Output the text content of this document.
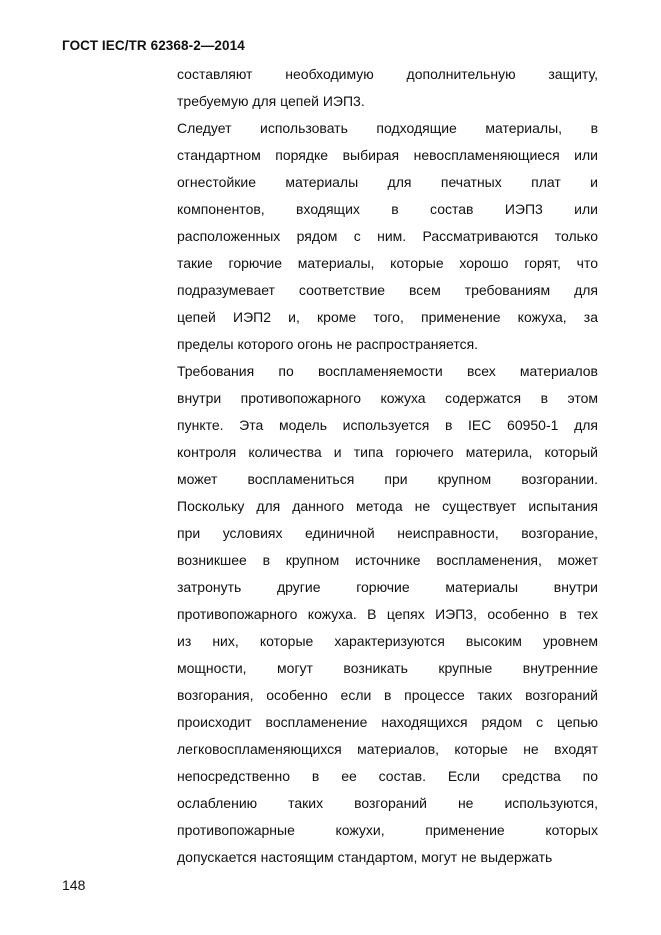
ГОСТ IEC/TR 62368-2—2014
составляют необходимую дополнительную защиту,
требуемую для цепей ИЭП3.
Следует использовать подходящие материалы, в
стандартном порядке выбирая невоспламеняющиеся или
огнестойкие материалы для печатных плат и
компонентов, входящих в состав ИЭП3 или
расположенных рядом с ним. Рассматриваются только
такие горючие материалы, которые хорошо горят, что
подразумевает соответствие всем требованиям для
цепей ИЭП2 и, кроме того, применение кожуха, за
пределы которого огонь не распространяется.
Требования по воспламеняемости всех материалов
внутри противопожарного кожуха содержатся в этом
пункте. Эта модель используется в IEC 60950-1 для
контроля количества и типа горючего материла, который
может воспламениться при крупном возгорании.
Поскольку для данного метода не существует испытания
при условиях единичной неисправности, возгорание,
возникшее в крупном источнике воспламенения, может
затронуть другие горючие материалы внутри
противопожарного кожуха. В цепях ИЭП3, особенно в тех
из них, которые характеризуются высоким уровнем
мощности, могут возникать крупные внутренние
возгорания, особенно если в процессе таких возгораний
происходит воспламенение находящихся рядом с цепью
легковоспламеняющихся материалов, которые не входят
непосредственно в ее состав. Если средства по
ослаблению таких возгораний не используются,
противопожарные кожухи, применение которых
допускается настоящим стандартом, могут не выдержать
148
